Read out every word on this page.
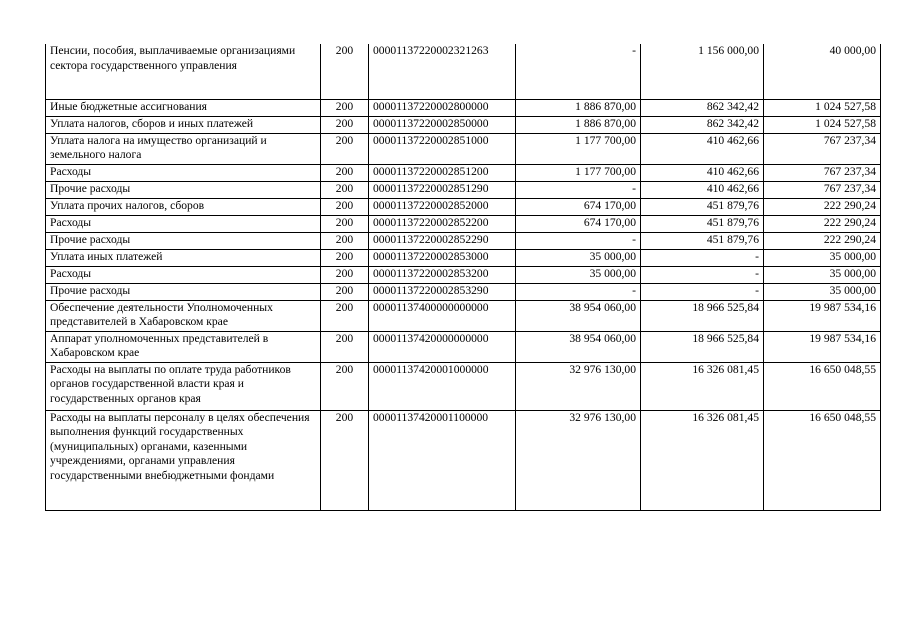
Пенсии, пособия, выплачиваемые организациями сектора государственного управления	200	00001137220002321263	-	1 156 000,00	40 000,00
Иные бюджетные ассигнования	200	00001137220002800000	1 886 870,00	862 342,42	1 024 527,58
Уплата налогов, сборов и иных платежей	200	00001137220002850000	1 886 870,00	862 342,42	1 024 527,58
Уплата налога на имущество организаций и земельного налога	200	00001137220002851000	1 177 700,00	410 462,66	767 237,34
Расходы	200	00001137220002851200	1 177 700,00	410 462,66	767 237,34
Прочие расходы	200	00001137220002851290	-	410 462,66	767 237,34
Уплата прочих налогов, сборов	200	00001137220002852000	674 170,00	451 879,76	222 290,24
Расходы	200	00001137220002852200	674 170,00	451 879,76	222 290,24
Прочие расходы	200	00001137220002852290	-	451 879,76	222 290,24
Уплата иных платежей	200	00001137220002853000	35 000,00	-	35 000,00
Расходы	200	00001137220002853200	35 000,00	-	35 000,00
Прочие расходы	200	00001137220002853290	-	-	35 000,00
Обеспечение деятельности Уполномоченных представителей в Хабаровском крае	200	00001137400000000000	38 954 060,00	18 966 525,84	19 987 534,16
Аппарат уполномоченных представителей в Хабаровском крае	200	00001137420000000000	38 954 060,00	18 966 525,84	19 987 534,16
Расходы на выплаты по оплате труда работников органов государственной власти края и государственных органов края	200	00001137420001000000	32 976 130,00	16 326 081,45	16 650 048,55
Расходы на выплаты персоналу в целях обеспечения выполнения функций государственных (муниципальных) органами, казенными учреждениями, органами управления государственными внебюджетными фондами	200	00001137420001100000	32 976 130,00	16 326 081,45	16 650 048,55
